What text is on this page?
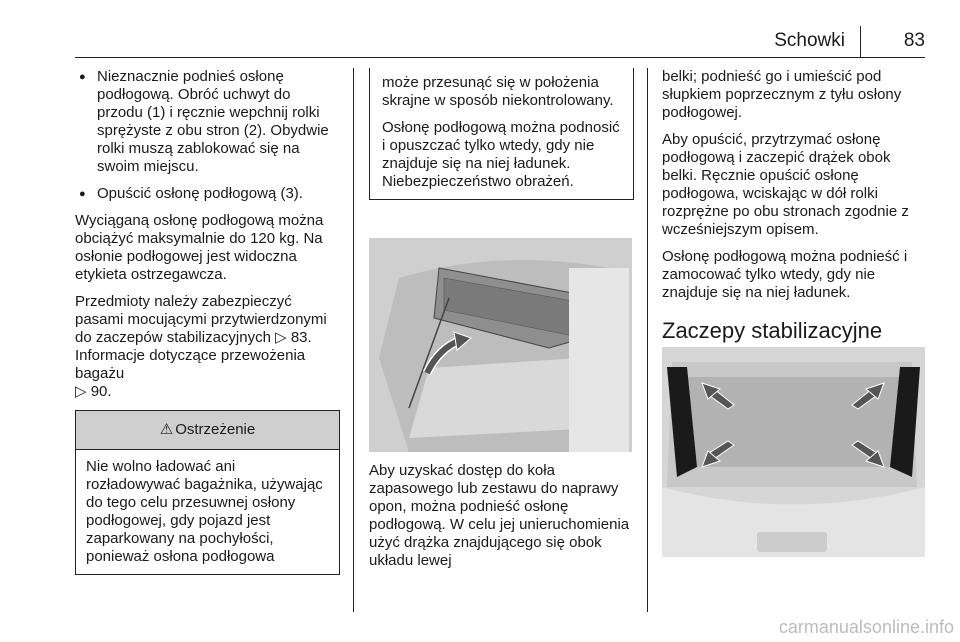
Schowki	83
● Nieznacznie podnieś osłonę podłogową. Obróć uchwyt do przodu (1) i ręcznie wepchnij rolki sprężyste z obu stron (2). Obydwie rolki muszą zablokować się na swoim miejscu.
● Opuścić osłonę podłogową (3).

Wyciąganą osłonę podłogową można obciążyć maksymalnie do 120 kg. Na osłonie podłogowej jest widoczna etykieta ostrzegawcza.

Przedmioty należy zabezpieczyć pasami mocującymi przytwierdzonymi do zaczepów stabilizacyjnych ▷ 83. Informacje dotyczące przewożenia bagażu
▷ 90.

⚠ Ostrzeżenie

Nie wolno ładować ani rozładowywać bagażnika, używając do tego celu przesuwnej osłony podłogowej, gdy pojazd jest zaparkowany na pochyłości, ponieważ osłona podłogowa

może przesunąć się w położenia skrajne w sposób niekontrolowany.

Osłonę podłogową można podnosić i opuszczać tylko wtedy, gdy nie znajduje się na niej ładunek. Niebezpieczeństwo obrażeń.

Aby uzyskać dostęp do koła zapasowego lub zestawu do naprawy opon, można podnieść osłonę podłogową. W celu jej unieruchomienia użyć drążka znajdującego się obok układu lewej

belki; podnieść go i umieścić pod słupkiem poprzecznym z tyłu osłony podłogowej.

Aby opuścić, przytrzymać osłonę podłogową i zaczepić drążek obok belki. Ręcznie opuścić osłonę podłogowa, wciskając w dół rolki rozprężne po obu stronach zgodnie z wcześniejszym opisem.

Osłonę podłogową można podnieść i zamocować tylko wtedy, gdy nie znajduje się na niej ładunek.

Zaczepy stabilizacyjne
carmanualsonline.info
